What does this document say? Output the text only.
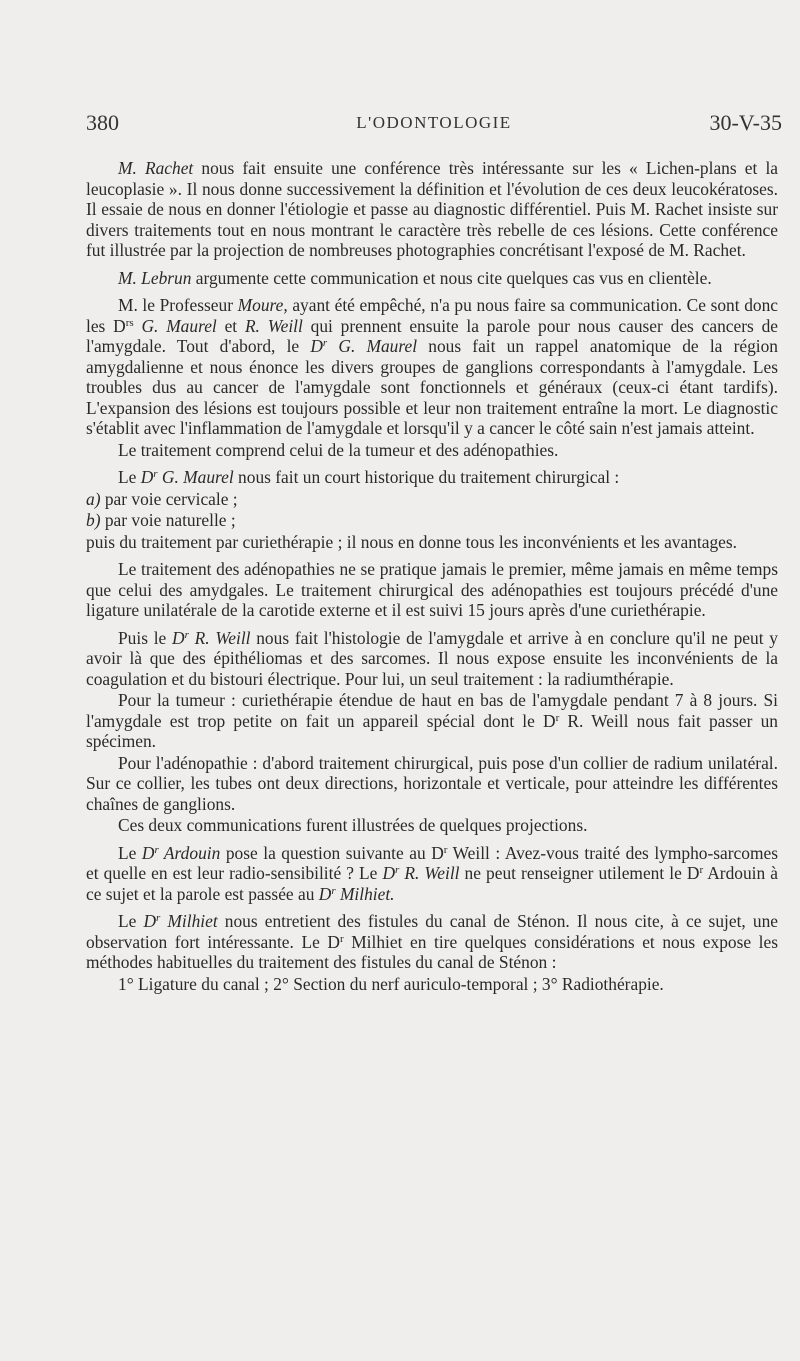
380	L'ODONTOLOGIE	30-V-35

M. Rachet nous fait ensuite une conférence très intéressante sur les « Lichen-plans et la leucoplasie ». Il nous donne successivement la définition et l'évolution de ces deux leucokératoses. Il essaie de nous en donner l'étiologie et passe au diagnostic différentiel. Puis M. Rachet insiste sur divers traitements tout en nous montrant le caractère très rebelle de ces lésions. Cette conférence fut illustrée par la projection de nombreuses photographies concrétisant l'exposé de M. Rachet.

M. Lebrun argumente cette communication et nous cite quelques cas vus en clientèle.

M. le Professeur Moure, ayant été empêché, n'a pu nous faire sa communication. Ce sont donc les $D^{rs}$ G. Maurel et R. Weill qui prennent ensuite la parole pour nous causer des cancers de l'amygdale. Tout d'abord, le $D^r$ G. Maurel nous fait un rappel anatomique de la région amygdalienne et nous énonce les divers groupes de ganglions correspondants à l'amygdale. Les troubles dus au cancer de l'amygdale sont fonctionnels et généraux (ceux-ci étant tardifs). L'expansion des lésions est toujours possible et leur non traitement entraîne la mort. Le diagnostic s'établit avec l'inflammation de l'amygdale et lorsqu'il y a cancer le côté sain n'est jamais atteint.

Le traitement comprend celui de la tumeur et des adénopathies.

Le $D^r$ G. Maurel nous fait un court historique du traitement chirurgical :

a) par voie cervicale ;

b) par voie naturelle ;

puis du traitement par curiethérapie ; il nous en donne tous les inconvénients et les avantages.

Le traitement des adénopathies ne se pratique jamais le premier, même jamais en même temps que celui des amydgales. Le traitement chirurgical des adénopathies est toujours précédé d'une ligature unilatérale de la carotide externe et il est suivi 15 jours après d'une curiethérapie.

Puis le $D^r$ R. Weill nous fait l'histologie de l'amygdale et arrive à en conclure qu'il ne peut y avoir là que des épithéliomas et des sarcomes. Il nous expose ensuite les inconvénients de la coagulation et du bistouri électrique. Pour lui, un seul traitement : la radiumthérapie.

Pour la tumeur : curiethérapie étendue de haut en bas de l'amygdale pendant 7 à 8 jours. Si l'amygdale est trop petite on fait un appareil spécial dont le $D^r$ R. Weill nous fait passer un spécimen.

Pour l'adénopathie : d'abord traitement chirurgical, puis pose d'un collier de radium unilatéral. Sur ce collier, les tubes ont deux directions, horizontale et verticale, pour atteindre les différentes chaînes de ganglions.

Ces deux communications furent illustrées de quelques projections.

Le $D^r$ Ardouin pose la question suivante au $D^r$ Weill : Avez-vous traité des lympho-sarcomes et quelle en est leur radio-sensibilité ? Le $D^r$ R. Weill ne peut renseigner utilement le $D^r$ Ardouin à ce sujet et la parole est passée au $D^r$ Milhiet.

Le $D^r$ Milhiet nous entretient des fistules du canal de Sténon. Il nous cite, à ce sujet, une observation fort intéressante. Le $D^r$ Milhiet en tire quelques considérations et nous expose les méthodes habituelles du traitement des fistules du canal de Sténon :

1° Ligature du canal ; 2° Section du nerf auriculo-temporal ; 3° Radiothérapie.
